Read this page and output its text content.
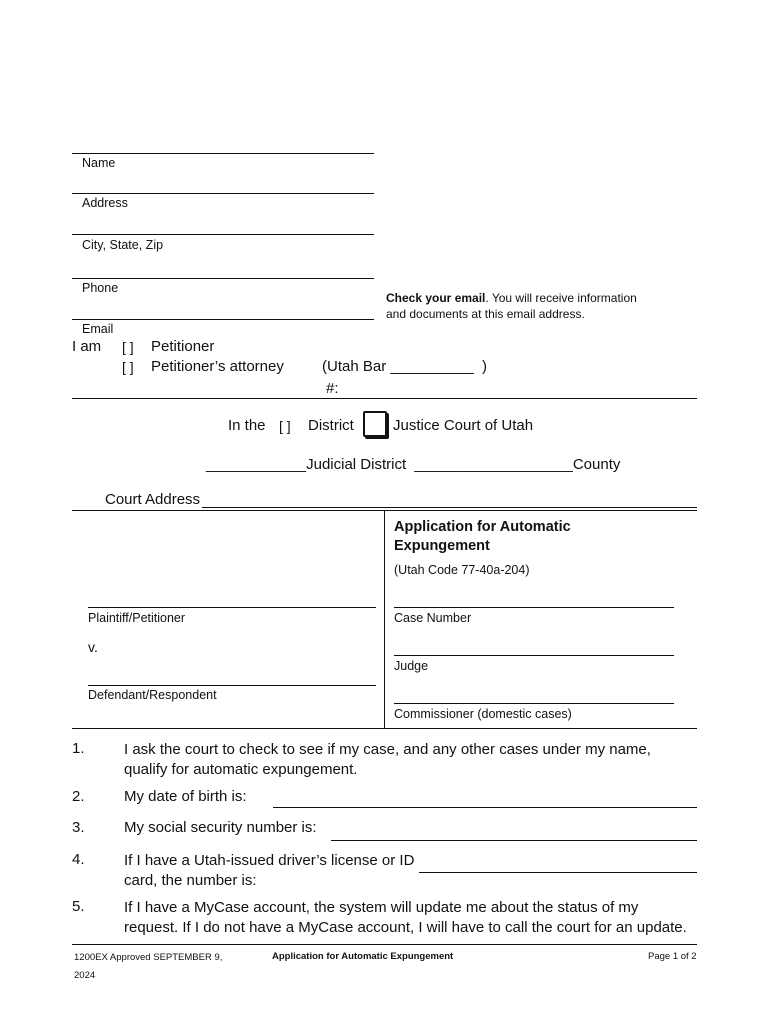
Name
Address
City, State, Zip
Phone
Email
Check your email. You will receive information
and documents at this email address.
I am [ ] Petitioner
[ ] Petitioner’s attorney	(Utah Bar __________ )
#:
In the [ ] District	Justice Court of Utah
____________Judicial District ___________________County
Court Address
Application for Automatic
Expungement
(Utah Code 77-40a-204)
Plaintiff/Petitioner
v.
Defendant/Respondent
Case Number
Judge
Commissioner (domestic cases)
1.	I ask the court to check to see if my case, and any other cases under my name,
qualify for automatic expungement.
2.	My date of birth is:
3.	My social security number is:
4.	If I have a Utah-issued driver’s license or ID
card, the number is:
5.	If I have a MyCase account, the system will update me about the status of my
request. If I do not have a MyCase account, I will have to call the court for an update.
1200EX Approved SEPTEMBER 9,
2024
Application for Automatic Expungement	Page 1 of 2
